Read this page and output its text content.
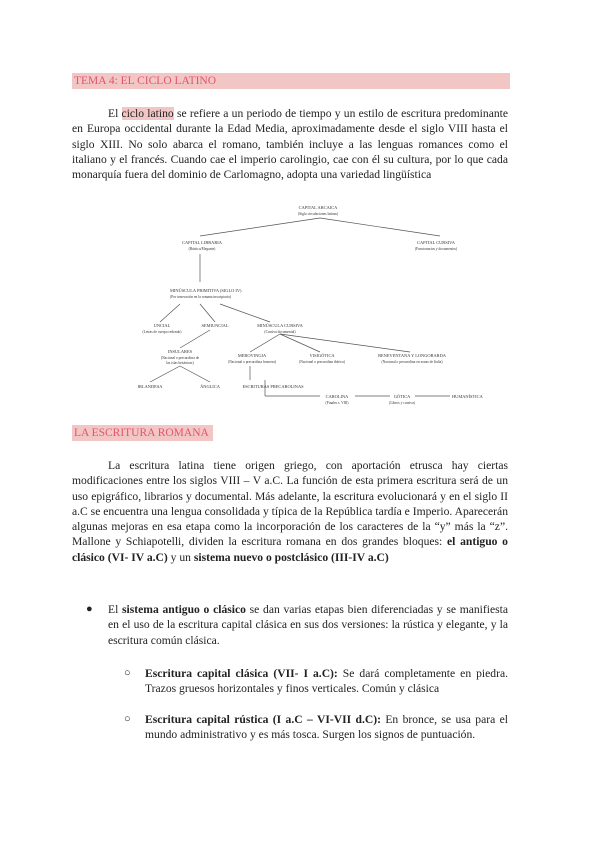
TEMA 4: EL CICLO LATINO
El ciclo latino se refiere a un periodo de tiempo y un estilo de escritura predominante en Europa occidental durante la Edad Media, aproximadamente desde el siglo VIII hasta el siglo XIII. No solo abarca el romano, también incluye a las lenguas romances como el italiano y el francés. Cuando cae el imperio carolingio, cae con él su cultura, por lo que cada monarquía fuera del dominio de Carlomagno, adopta una variedad lingüística
CAPITAL ARCAICA
(Siglo circulaciones latinas)
CAPITAL LIBRARIA
(Rústica/Elegante)
CAPITAL CURSIVA
(Funcionarios y documentos)
MINÚSCULA PRIMITIVA (SIGLO IV)
(Por innovación en la romana inscriptoria)
UNCIAL
(Letras de cuerpo redondo)
SEMIUNCIAL	MINÚSCULA CURSIVA
(Cursiva documental)
INSULARES
(Nacional o precarolina de
las islas británicas)
MEROVINGIA
(Nacional o precarolina francesa)
VISIGÓTICA
(Nacional o precarolina ibérica)
BENEVENTANA Y LONGOBARDA
(Nacional o precarolina en zonas de Italia)
IRLANDESA	ÁNGLICA	ESCRITURAS PRECAROLINAS
CAROLINA
(Finales s. VIII)
GÓTICA
(Libros y cursiva)
HUMANÍSTICA
LA ESCRITURA ROMANA
La escritura latina tiene origen griego, con aportación etrusca hay ciertas modificaciones entre los siglos VIII – V a.C. La función de esta primera escritura será de un uso epigráfico, librarios y documental. Más adelante, la escritura evolucionará y en el siglo II a.C se encuentra una lengua consolidada y típica de la República tardía e Imperio. Aparecerán algunas mejoras en esa etapa como la incorporación de los caracteres de la “y” más la “z”. Mallone y Schiapotelli, dividen la escritura romana en dos grandes bloques: el antiguo o clásico (VI- IV a.C) y un sistema nuevo o postclásico (III-IV a.C)
● El sistema antiguo o clásico se dan varias etapas bien diferenciadas y se manifiesta en el uso de la escritura capital clásica en sus dos versiones: la rústica y elegante, y la escritura común clásica.
○ Escritura capital clásica (VII- I a.C): Se dará completamente en piedra. Trazos gruesos horizontales y finos verticales. Común y clásica
○ Escritura capital rústica (I a.C – VI-VII d.C): En bronce, se usa para el mundo administrativo y es más tosca. Surgen los signos de puntuación.
